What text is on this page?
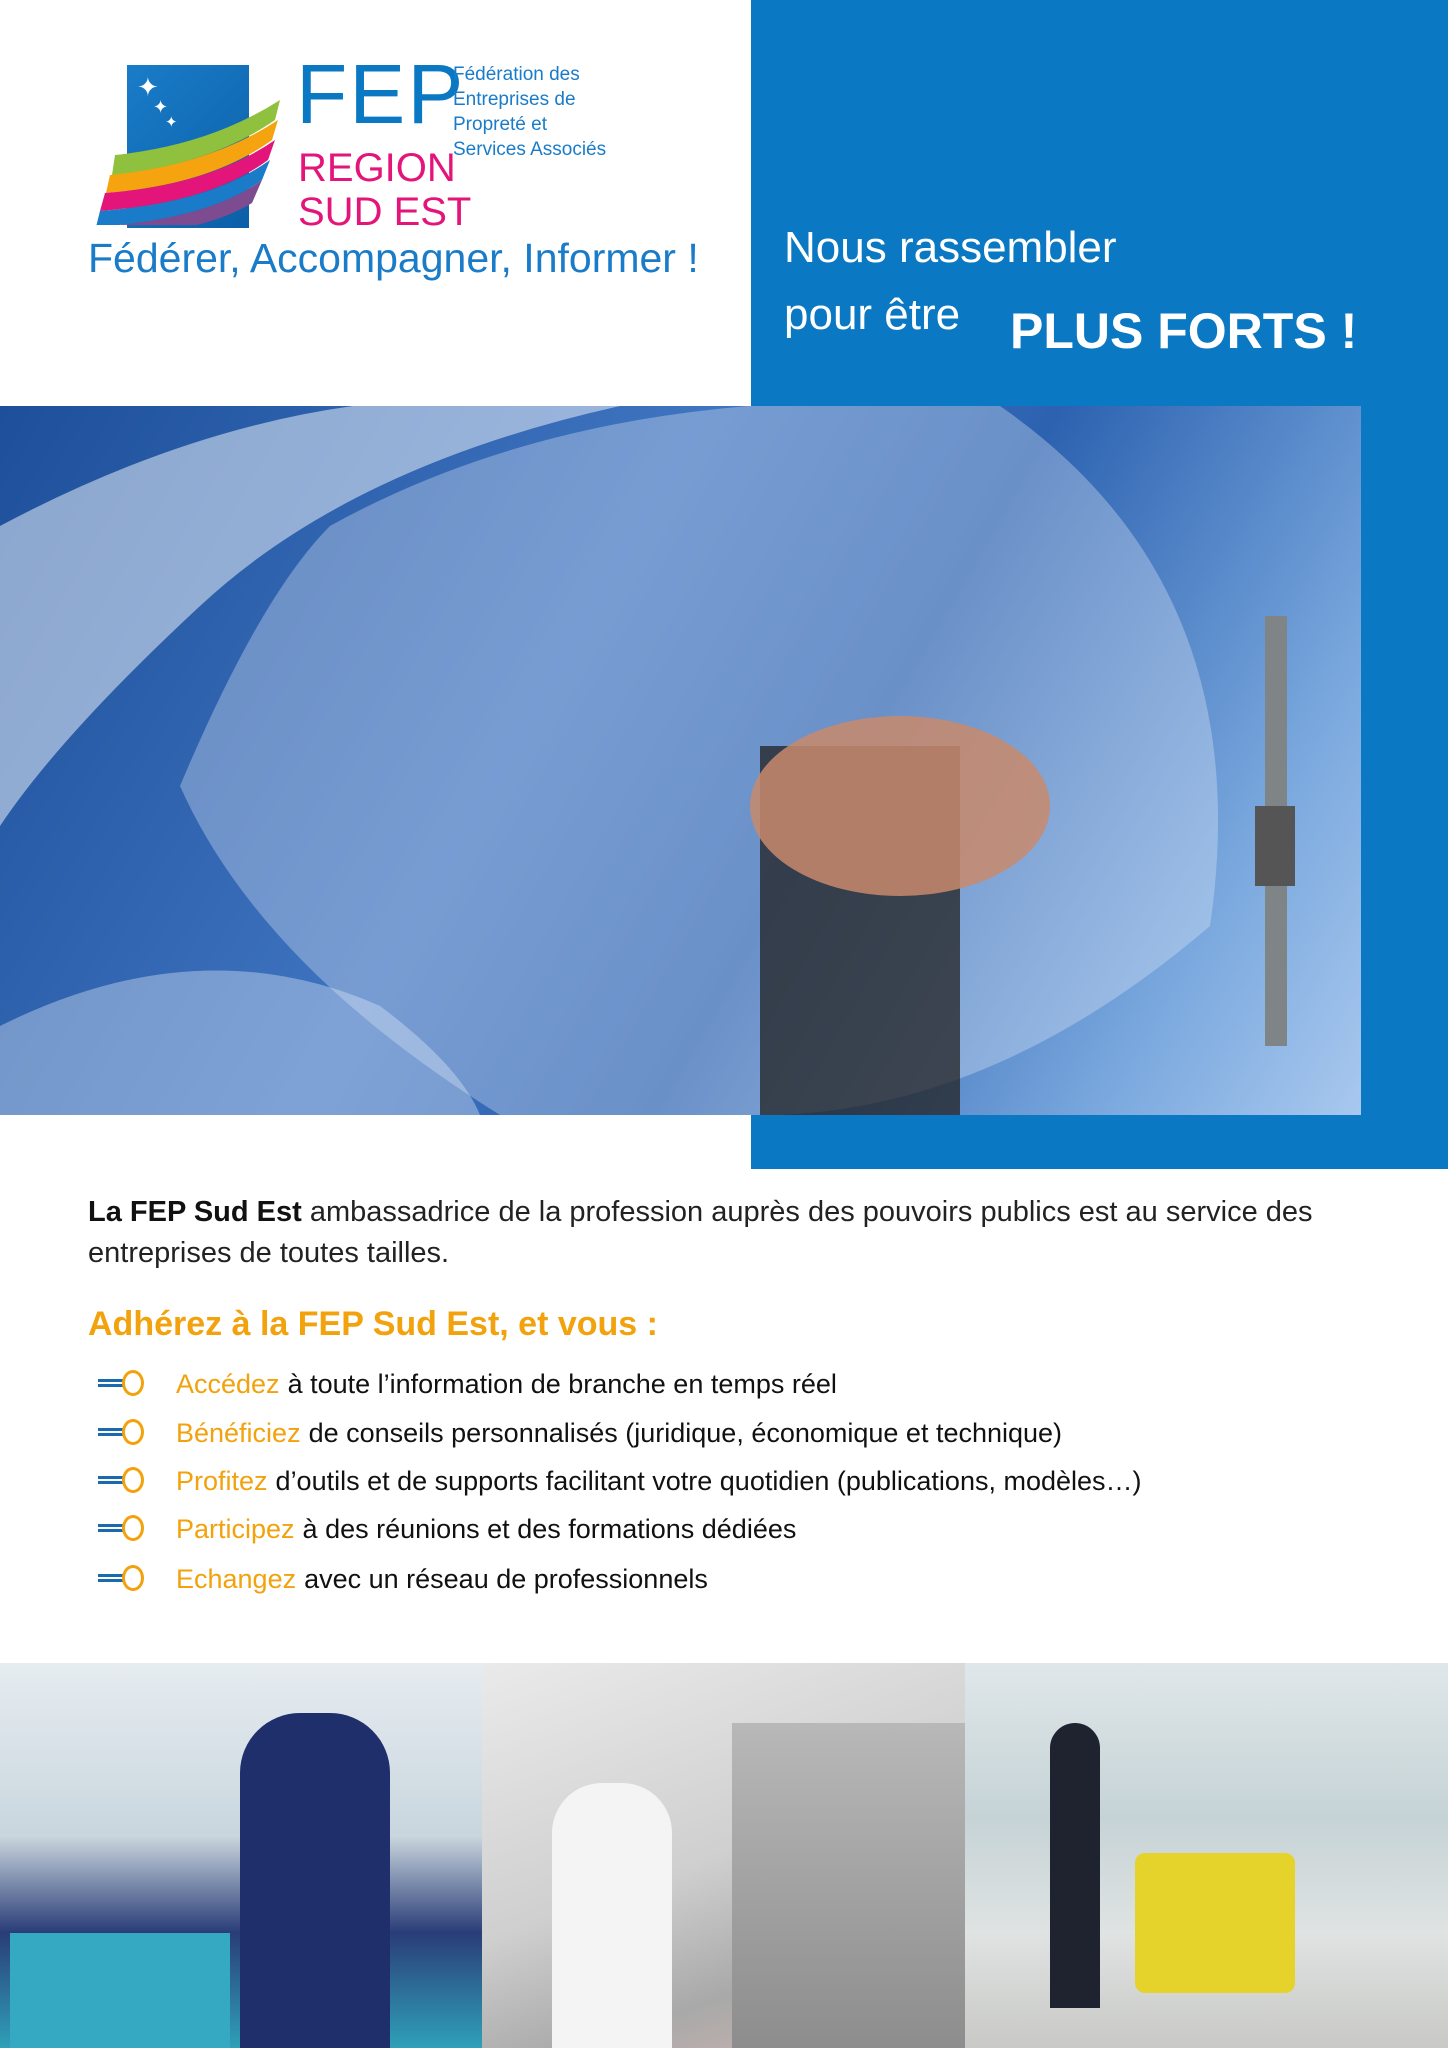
✦
✦
✦ FEP
REGION
SUD EST
Fédération des
Entreprises de
Propreté et
Services Associés
Fédérer, Accompagner, Informer ! Nous rassembler
pour être PLUS FORTS !
La FEP Sud Est ambassadrice de la profession auprès des pouvoirs publics est au service des entreprises de toutes tailles.
Adhérez à la FEP Sud Est, et vous :
Accédez à toute l’information de branche en temps réel
Bénéficiez de conseils personnalisés (juridique, économique et technique)
Profitez d’outils et de supports facilitant votre quotidien (publications, modèles…)
Participez à des réunions et des formations dédiées
Echangez avec un réseau de professionnels
